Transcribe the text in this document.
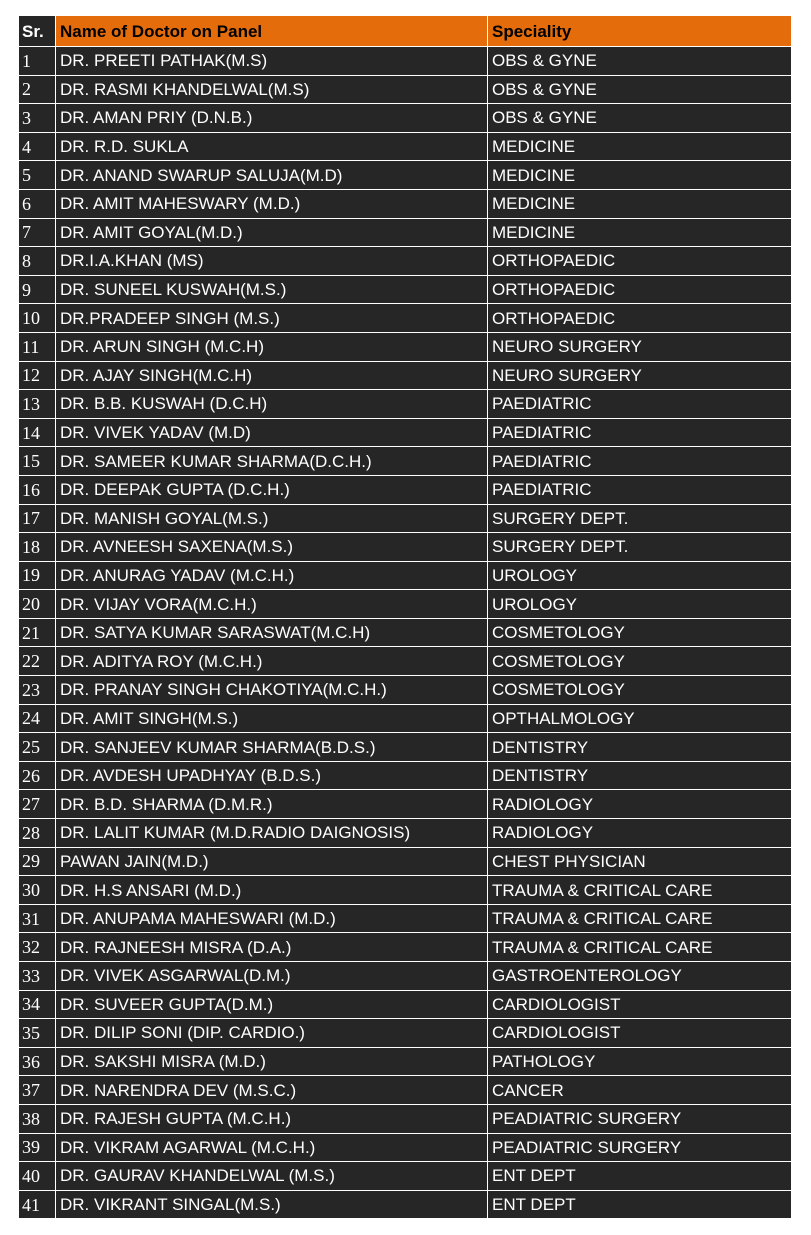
Sr.	Name of Doctor on Panel	Speciality
1	DR. PREETI PATHAK(M.S)	OBS & GYNE
2	DR. RASMI KHANDELWAL(M.S)	OBS & GYNE
3	DR. AMAN PRIY (D.N.B.)	OBS & GYNE
4	DR. R.D. SUKLA	MEDICINE
5	DR. ANAND SWARUP SALUJA(M.D)	MEDICINE
6	DR. AMIT MAHESWARY (M.D.)	MEDICINE
7	DR. AMIT GOYAL(M.D.)	MEDICINE
8	DR.I.A.KHAN (MS)	ORTHOPAEDIC
9	DR. SUNEEL KUSWAH(M.S.)	ORTHOPAEDIC
10	DR.PRADEEP SINGH (M.S.)	ORTHOPAEDIC
11	DR. ARUN SINGH (M.C.H)	NEURO SURGERY
12	DR. AJAY SINGH(M.C.H)	NEURO SURGERY
13	DR. B.B. KUSWAH (D.C.H)	PAEDIATRIC
14	DR. VIVEK YADAV (M.D)	PAEDIATRIC
15	DR. SAMEER KUMAR SHARMA(D.C.H.)	PAEDIATRIC
16	DR. DEEPAK GUPTA (D.C.H.)	PAEDIATRIC
17	DR. MANISH GOYAL(M.S.)	SURGERY DEPT.
18	DR. AVNEESH SAXENA(M.S.)	SURGERY DEPT.
19	DR. ANURAG YADAV (M.C.H.)	UROLOGY
20	DR. VIJAY VORA(M.C.H.)	UROLOGY
21	DR. SATYA KUMAR SARASWAT(M.C.H)	COSMETOLOGY
22	DR. ADITYA ROY (M.C.H.)	COSMETOLOGY
23	DR. PRANAY SINGH CHAKOTIYA(M.C.H.)	COSMETOLOGY
24	DR. AMIT SINGH(M.S.)	OPTHALMOLOGY
25	DR. SANJEEV KUMAR SHARMA(B.D.S.)	DENTISTRY
26	DR. AVDESH UPADHYAY (B.D.S.)	DENTISTRY
27	DR. B.D. SHARMA (D.M.R.)	RADIOLOGY
28	DR. LALIT KUMAR (M.D.RADIO DAIGNOSIS)	RADIOLOGY
29	PAWAN JAIN(M.D.)	CHEST PHYSICIAN
30	DR. H.S ANSARI (M.D.)	TRAUMA & CRITICAL CARE
31	DR. ANUPAMA MAHESWARI (M.D.)	TRAUMA & CRITICAL CARE
32	DR. RAJNEESH MISRA (D.A.)	TRAUMA & CRITICAL CARE
33	DR. VIVEK ASGARWAL(D.M.)	GASTROENTEROLOGY
34	DR. SUVEER GUPTA(D.M.)	CARDIOLOGIST
35	DR. DILIP SONI (DIP. CARDIO.)	CARDIOLOGIST
36	DR. SAKSHI MISRA (M.D.)	PATHOLOGY
37	DR. NARENDRA DEV (M.S.C.)	CANCER
38	DR. RAJESH GUPTA (M.C.H.)	PEADIATRIC SURGERY
39	DR. VIKRAM AGARWAL (M.C.H.)	PEADIATRIC SURGERY
40	DR. GAURAV KHANDELWAL (M.S.)	ENT DEPT
41	DR. VIKRANT SINGAL(M.S.)	ENT DEPT
